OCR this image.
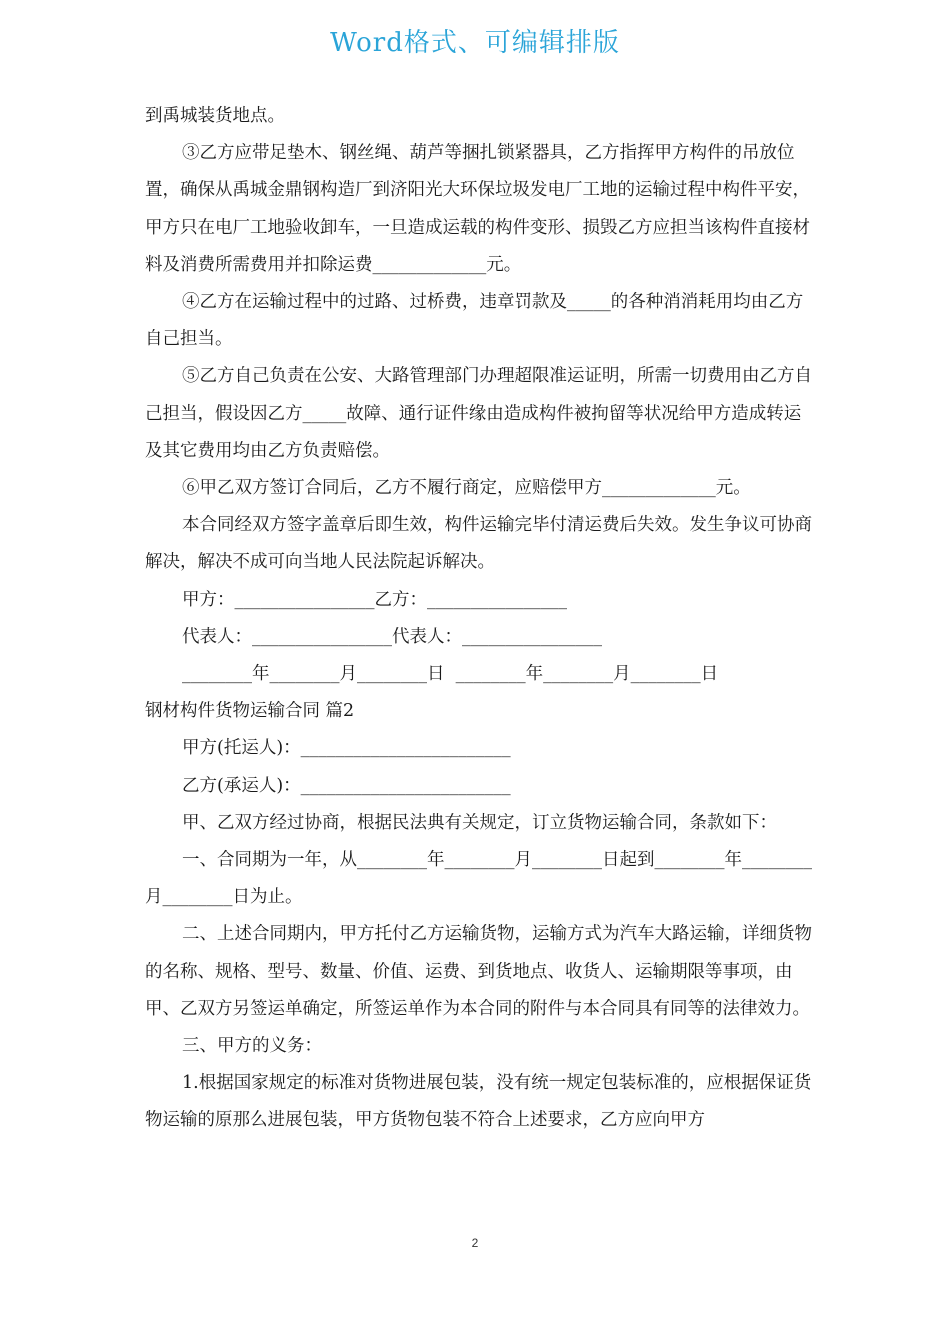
Word格式、可编辑排版

到禹城装货地点。

③乙方应带足垫木、钢丝绳、葫芦等捆扎锁紧器具，乙方指挥甲方构件的吊放位置，确保从禹城金鼎钢构造厂到济阳光大环保垃圾发电厂工地的运输过程中构件平安，甲方只在电厂工地验收卸车，一旦造成运载的构件变形、损毁乙方应担当该构件直接材料及消费所需费用并扣除运费_____________元。

④乙方在运输过程中的过路、过桥费，违章罚款及_____的各种消消耗用均由乙方自己担当。

⑤乙方自己负责在公安、大路管理部门办理超限准运证明，所需一切费用由乙方自己担当，假设因乙方_____故障、通行证件缘由造成构件被拘留等状况给甲方造成转运及其它费用均由乙方负责赔偿。

⑥甲乙双方签订合同后，乙方不履行商定，应赔偿甲方_____________元。

本合同经双方签字盖章后即生效，构件运输完毕付清运费后失效。发生争议可协商解决，解决不成可向当地人民法院起诉解决。

甲方：________________乙方：________________

代表人：________________代表人：________________

________年________月________日  ________年________月________日

钢材构件货物运输合同 篇2

甲方(托运人)：________________________

乙方(承运人)：________________________

甲、乙双方经过协商，根据民法典有关规定，订立货物运输合同，条款如下：

一、合同期为一年，从________年________月________日起到________年________月________日为止。

二、上述合同期内，甲方托付乙方运输货物，运输方式为汽车大路运输，详细货物的名称、规格、型号、数量、价值、运费、到货地点、收货人、运输期限等事项，由甲、乙双方另签运单确定，所签运单作为本合同的附件与本合同具有同等的法律效力。

三、甲方的义务：

1.根据国家规定的标准对货物进展包装，没有统一规定包装标准的，应根据保证货物运输的原那么进展包装，甲方货物包装不符合上述要求，乙方应向甲方

2
